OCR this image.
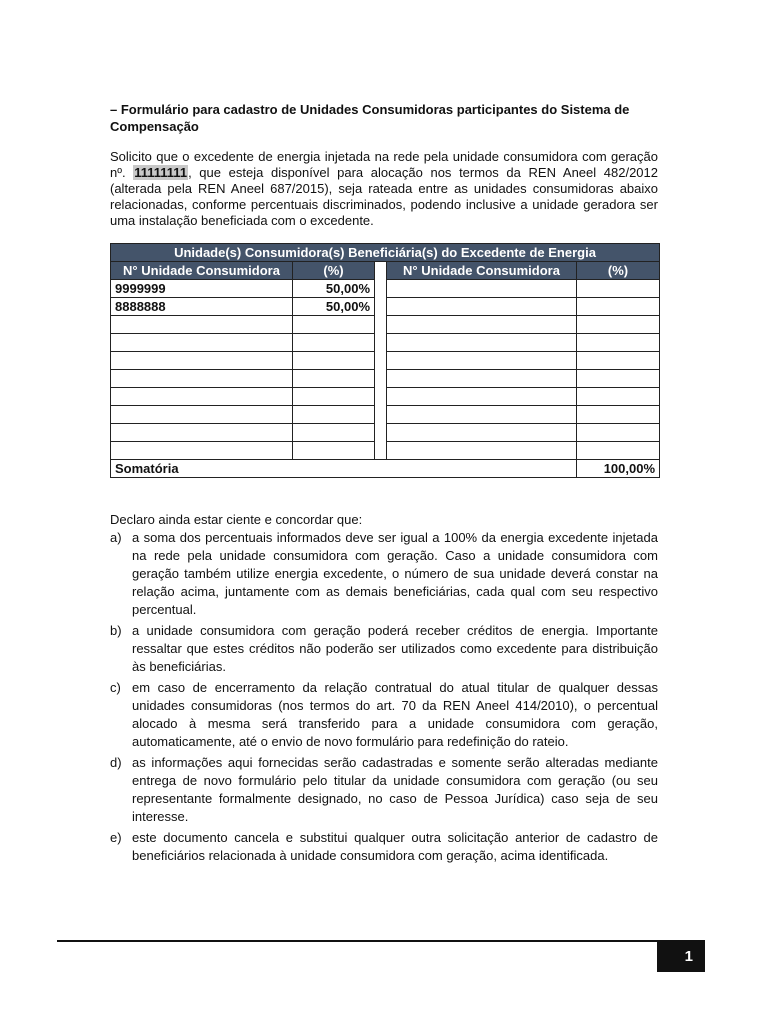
– Formulário para cadastro de Unidades Consumidoras participantes do Sistema de Compensação
Solicito que o excedente de energia injetada na rede pela unidade consumidora com geração nº. 11111111, que esteja disponível para alocação nos termos da REN Aneel 482/2012 (alterada pela REN Aneel 687/2015), seja rateada entre as unidades consumidoras abaixo relacionadas, conforme percentuais discriminados, podendo inclusive a unidade geradora ser uma instalação beneficiada com o excedente.
Unidade(s) Consumidora(s) Beneficiária(s) do Excedente de Energia				
N° Unidade Consumidora	(%)		N° Unidade Consumidora	(%)
9999999	50,00%			
8888888	50,00%			

Somatória				100,00%
Declaro ainda estar ciente e concordar que:
a) a soma dos percentuais informados deve ser igual a 100% da energia excedente injetada na rede pela unidade consumidora com geração. Caso a unidade consumidora com geração também utilize energia excedente, o número de sua unidade deverá constar na relação acima, juntamente com as demais beneficiárias, cada qual com seu respectivo percentual.
b) a unidade consumidora com geração poderá receber créditos de energia. Importante ressaltar que estes créditos não poderão ser utilizados como excedente para distribuição às beneficiárias.
c) em caso de encerramento da relação contratual do atual titular de qualquer dessas unidades consumidoras (nos termos do art. 70 da REN Aneel 414/2010), o percentual alocado à mesma será transferido para a unidade consumidora com geração, automaticamente, até o envio de novo formulário para redefinição do rateio.
d) as informações aqui fornecidas serão cadastradas e somente serão alteradas mediante entrega de novo formulário pelo titular da unidade consumidora com geração (ou seu representante formalmente designado, no caso de Pessoa Jurídica) caso seja de seu interesse.
e) este documento cancela e substitui qualquer outra solicitação anterior de cadastro de beneficiários relacionada à unidade consumidora com geração, acima identificada.
1
